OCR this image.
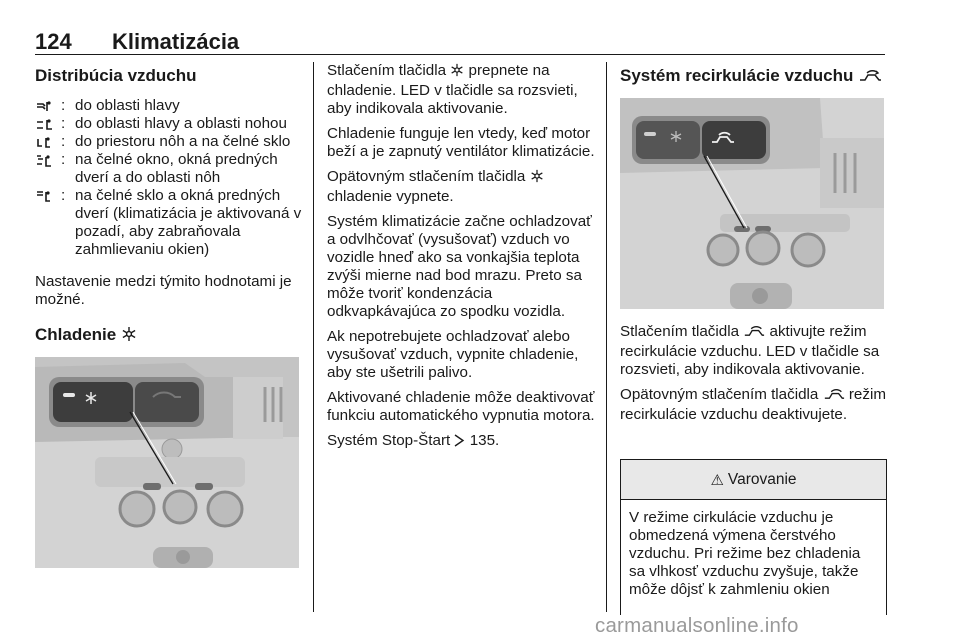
124 Klimatizácia
Distribúcia vzduchu
: do oblasti hlavy
: do oblasti hlavy a oblasti nohou
: do priestoru nôh a na čelné sklo
: na čelné okno, okná predných dverí a do oblasti nôh
: na čelné sklo a okná predných dverí (klimatizácia je aktivovaná v pozadí, aby zabraňovala zahmlievaniu okien)

Nastavenie medzi týmito hodnotami je možné.

Chladenie

Stlačením tlačidla prepnete na chladenie. LED v tlačidle sa rozsvieti, aby indikovala aktivovanie.

Chladenie funguje len vtedy, keď motor beží a je zapnutý ventilátor klimatizácie.

Opätovným stlačením tlačidla  chladenie vypnete.

Systém klimatizácie začne ochladzovať a odvlhčovať (vysušovať) vzduch vo vozidle hneď ako sa vonkajšia teplota zvýši mierne nad bod mrazu. Preto sa môže tvoriť kondenzácia odkvapkávajúca zo spodku vozidla.

Ak nepotrebujete ochladzovať alebo vysušovať vzduch, vypnite chladenie, aby ste ušetrili palivo.

Aktivované chladenie môže deaktivovať funkciu automatického vypnutia motora.

Systém Stop-Štart 135.

Systém recirkulácie vzduchu

Stlačením tlačidla aktivujte režim recirkulácie vzduchu. LED v tlačidle sa rozsvieti, aby indikovala aktivovanie.

Opätovným stlačením tlačidla režim recirkulácie vzduchu deaktivujete.

⚠ Varovanie
V režime cirkulácie vzduchu je obmedzená výmena čerstvého vzduchu. Pri režime bez chladenia sa vlhkosť vzduchu zvyšuje, takže môže dôjsť k zahmleniu okien
carmanualsonline.info
